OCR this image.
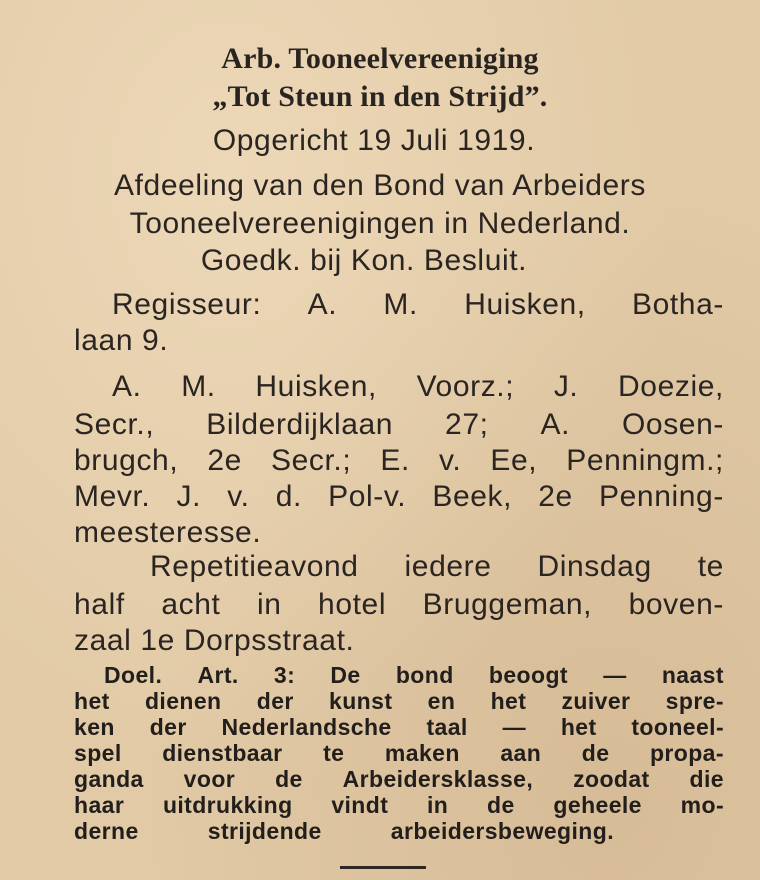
Arb. Tooneelvereeniging
„Tot Steun in den Strijd”.
Opgericht 19 Juli 1919.
Afdeeling van den Bond van Arbeiders
Tooneelvereenigingen in Nederland.
Goedk. bij Kon. Besluit.
Regisseur: A. M. Huisken, Botha-
laan 9.
A. M. Huisken, Voorz.; J. Doezie,
Secr., Bilderdijklaan 27; A. Oosen-
brugch, 2e Secr.; E. v. Ee, Penningm.;
Mevr. J. v. d. Pol-v. Beek, 2e Penning-
meesteresse.
Repetitieavond iedere Dinsdag te
half acht in hotel Bruggeman, boven-
zaal 1e Dorpsstraat.
Doel. Art. 3: De bond beoogt — naast
het dienen der kunst en het zuiver spre-
ken der Nederlandsche taal — het tooneel-
spel dienstbaar te maken aan de propa-
ganda voor de Arbeidersklasse, zoodat die
haar uitdrukking vindt in de geheele mo-
derne	strijdende	arbeidersbeweging.
